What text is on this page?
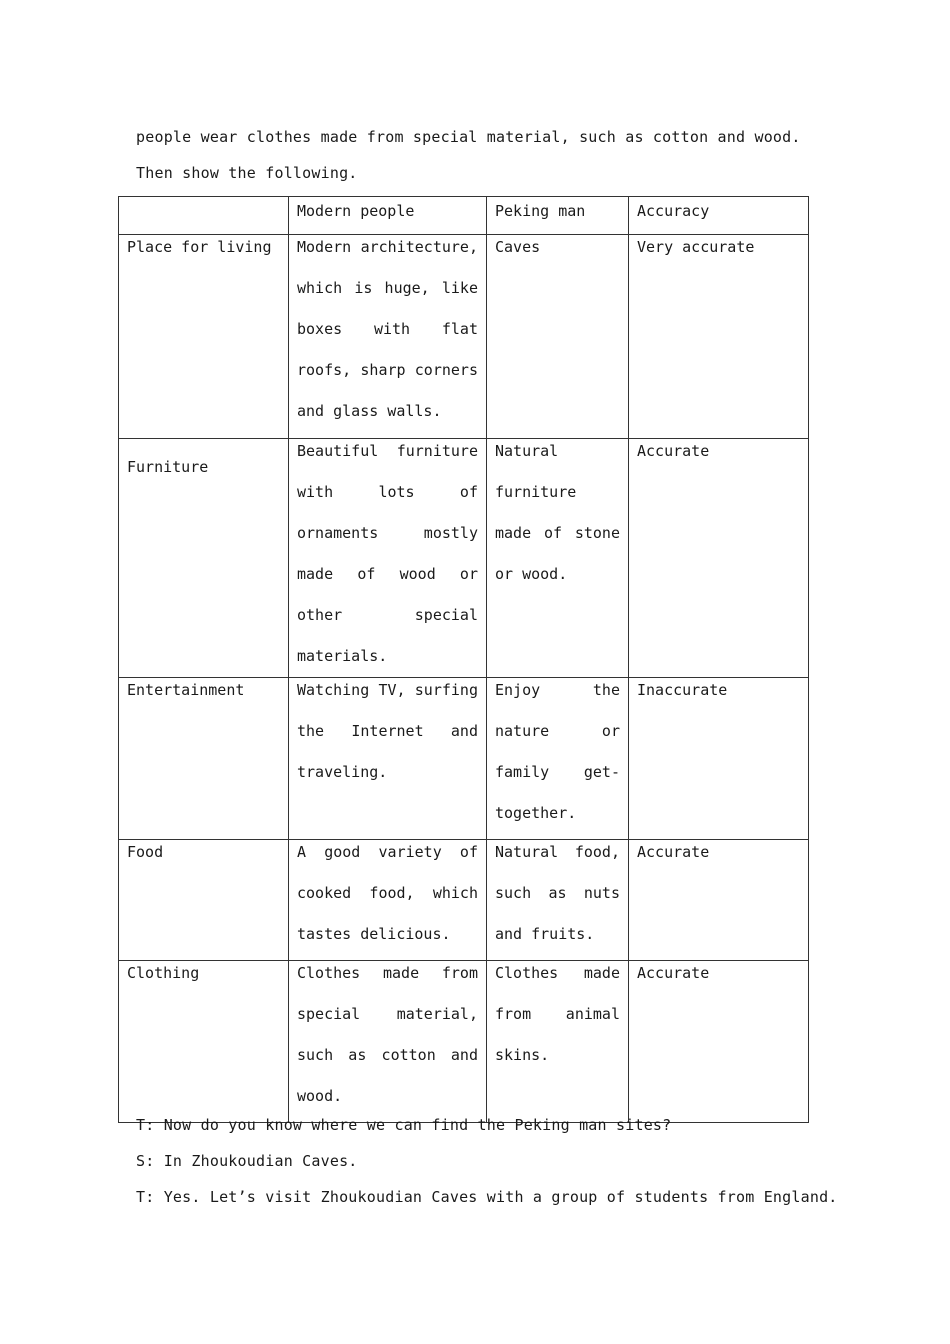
people wear clothes made from special material, such as cotton and wood.
Then show the following.
	Modern people	Peking man	Accuracy

Place for living	Modern architecture, which is huge, like boxes with flat roofs, sharp corners and glass walls.	Caves	Very accurate

Furniture	Beautiful furniture with lots of ornaments mostly made of wood or other special materials.	Natural furniture made of stone or wood.	Accurate

Entertainment	Watching TV, surfing the Internet and traveling.	Enjoy the nature or family get-together.	Inaccurate

Food	A good variety of cooked food, which tastes delicious.	Natural food, such as nuts and fruits.	Accurate

Clothing	Clothes made from special material, such as cotton and wood.	Clothes made from animal skins.	Accurate
T: Now do you know where we can find the Peking man sites?
S: In Zhoukoudian Caves.
T: Yes. Let’s visit Zhoukoudian Caves with a group of students from England.
